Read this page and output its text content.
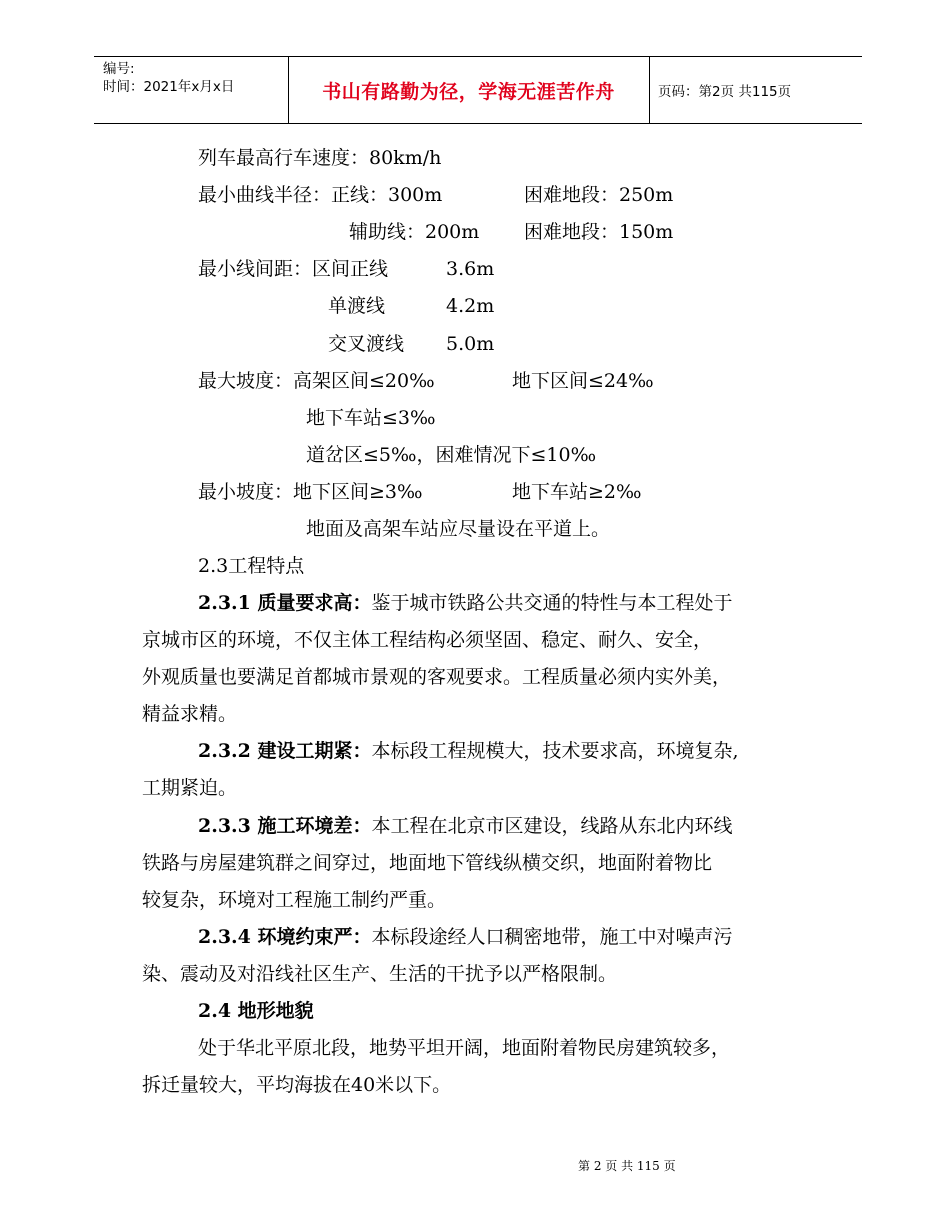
编号:
时间：2021年x月x日	书山有路勤为径，学海无涯苦作舟	页码：第2页 共115页
列车最高行车速度：80km/h
最小曲线半径：正线：300m	困难地段：250m
辅助线：200m 困难地段：150m
最小线间距：区间正线	3.6m
单渡线	4.2m
交叉渡线 5.0m
最大坡度：高架区间≤20‰	地下区间≤24‰
地下车站≤3‰
道岔区≤5‰，困难情况下≤10‰
最小坡度：地下区间≥3‰	地下车站≥2‰
地面及高架车站应尽量设在平道上。
2.3工程特点
2.3.1 质量要求高：鉴于城市铁路公共交通的特性与本工程处于
京城市区的环境，不仅主体工程结构必须坚固、稳定、耐久、安全，
外观质量也要满足首都城市景观的客观要求。工程质量必须内实外美，
精益求精。
2.3.2 建设工期紧：本标段工程规模大，技术要求高，环境复杂,
工期紧迫。
2.3.3 施工环境差：本工程在北京市区建设，线路从东北内环线
铁路与房屋建筑群之间穿过，地面地下管线纵横交织，地面附着物比
较复杂，环境对工程施工制约严重。
2.3.4 环境约束严：本标段途经人口稠密地带，施工中对噪声污
染、震动及对沿线社区生产、生活的干扰予以严格限制。
2.4 地形地貌
处于华北平原北段，地势平坦开阔，地面附着物民房建筑较多，
拆迁量较大，平均海拔在40米以下。
第 2 页 共 115 页
